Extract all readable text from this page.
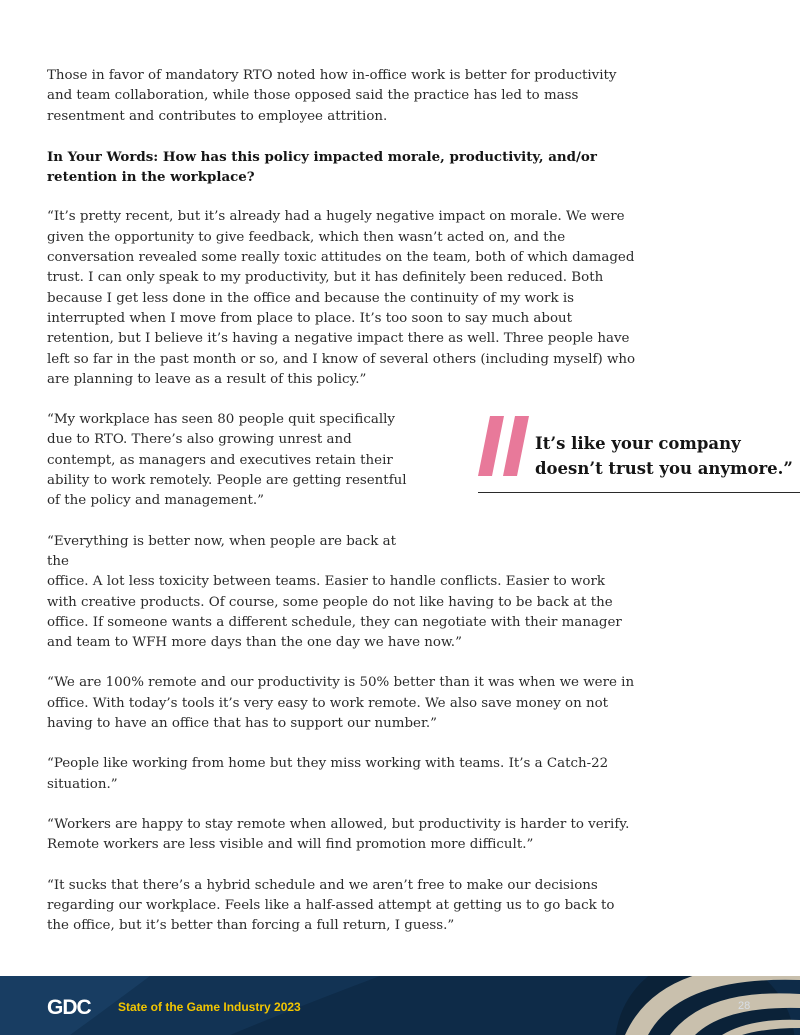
Those in favor of mandatory RTO noted how in-office work is better for productivity and team collaboration, while those opposed said the practice has led to mass resentment and contributes to employee attrition.

In Your Words: How has this policy impacted morale, productivity, and/or retention in the workplace?

“It’s pretty recent, but it’s already had a hugely negative impact on morale. We were given the opportunity to give feedback, which then wasn’t acted on, and the conversation revealed some really toxic attitudes on the team, both of which damaged trust. I can only speak to my productivity, but it has definitely been reduced. Both because I get less done in the office and because the continuity of my work is interrupted when I move from place to place. It’s too soon to say much about retention, but I believe it’s having a negative impact there as well. Three people have left so far in the past month or so, and I know of several others (including myself) who are planning to leave as a result of this policy.”

“My workplace has seen 80 people quit specifically due to RTO. There’s also growing unrest and contempt, as managers and executives retain their ability to work remotely. People are getting resentful of the policy and management.”

“Everything is better now, when people are back at the
office. A lot less toxicity between teams. Easier to handle conflicts. Easier to work with creative products. Of course, some people do not like having to be back at the office. If someone wants a different schedule, they can negotiate with their manager and team to WFH more days than the one day we have now.”

“We are 100% remote and our productivity is 50% better than it was when we were in office. With today’s tools it’s very easy to work remote. We also save money on not having to have an office that has to support our number.”

“People like working from home but they miss working with teams. It’s a Catch-22 situation.”

“Workers are happy to stay remote when allowed, but productivity is harder to verify. Remote workers are less visible and will find promotion more difficult.”

“It sucks that there’s a hybrid schedule and we aren’t free to make our decisions regarding our workplace. Feels like a half-assed attempt at getting us to go back to the office, but it’s better than forcing a full return, I guess.”

It’s like your company doesn’t trust you anymore.”
GDC State of the Game Industry 2023	28
